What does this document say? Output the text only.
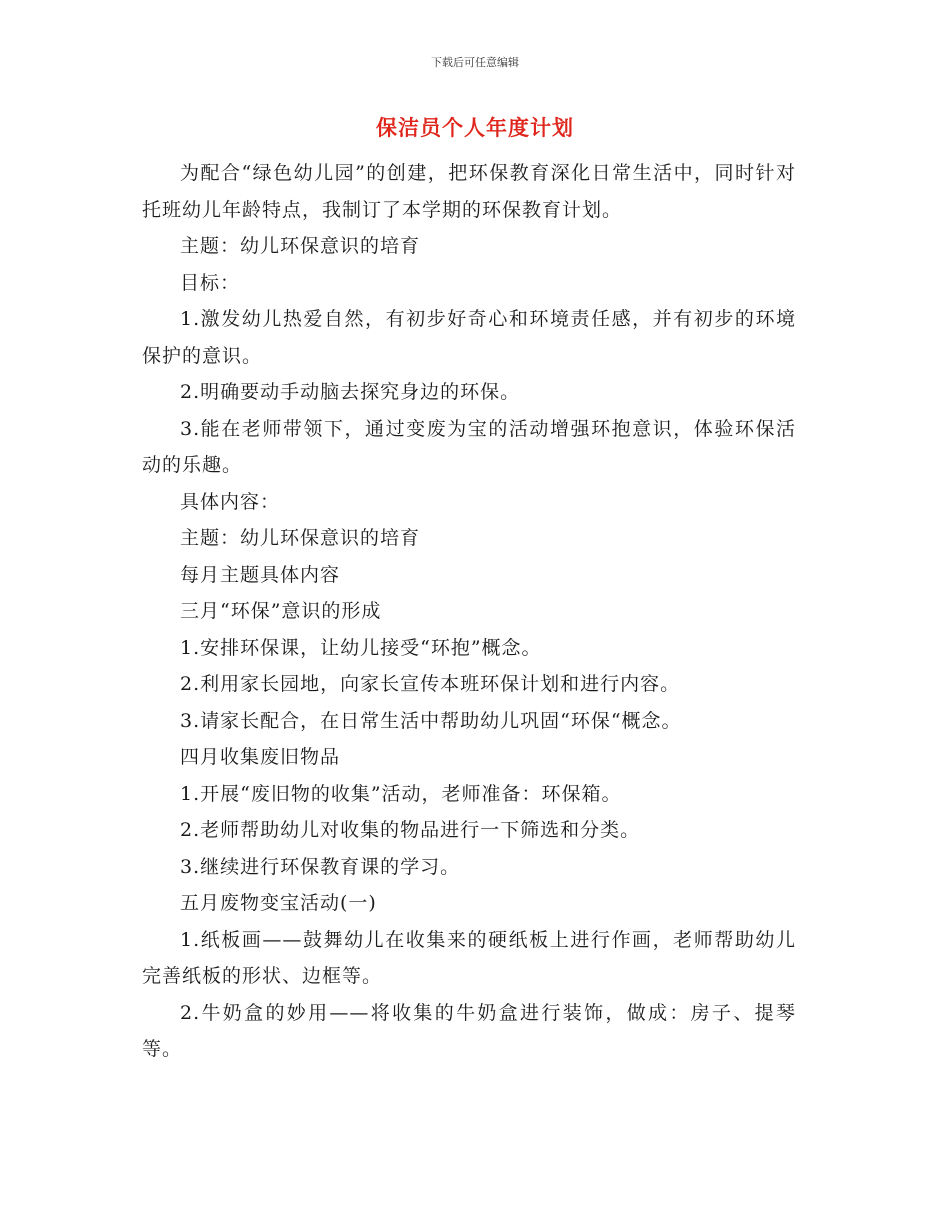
下载后可任意编辑
保洁员个人年度计划

为配合“绿色幼儿园”的创建，把环保教育深化日常生活中，同时针对托班幼儿年龄特点，我制订了本学期的环保教育计划。

主题：幼儿环保意识的培育

目标：

1.激发幼儿热爱自然，有初步好奇心和环境责任感，并有初步的环境保护的意识。

2.明确要动手动脑去探究身边的环保。

3.能在老师带领下，通过变废为宝的活动增强环抱意识，体验环保活动的乐趣。

具体内容：

主题：幼儿环保意识的培育

每月主题具体内容

三月“环保”意识的形成

1.安排环保课，让幼儿接受“环抱”概念。

2.利用家长园地，向家长宣传本班环保计划和进行内容。

3.请家长配合，在日常生活中帮助幼儿巩固“环保“概念。

四月收集废旧物品

1.开展“废旧物的收集”活动，老师准备：环保箱。

2.老师帮助幼儿对收集的物品进行一下筛选和分类。

3.继续进行环保教育课的学习。

五月废物变宝活动(一)

1.纸板画——鼓舞幼儿在收集来的硬纸板上进行作画，老师帮助幼儿完善纸板的形状、边框等。

2.牛奶盒的妙用——将收集的牛奶盒进行装饰，做成：房子、提琴等。
